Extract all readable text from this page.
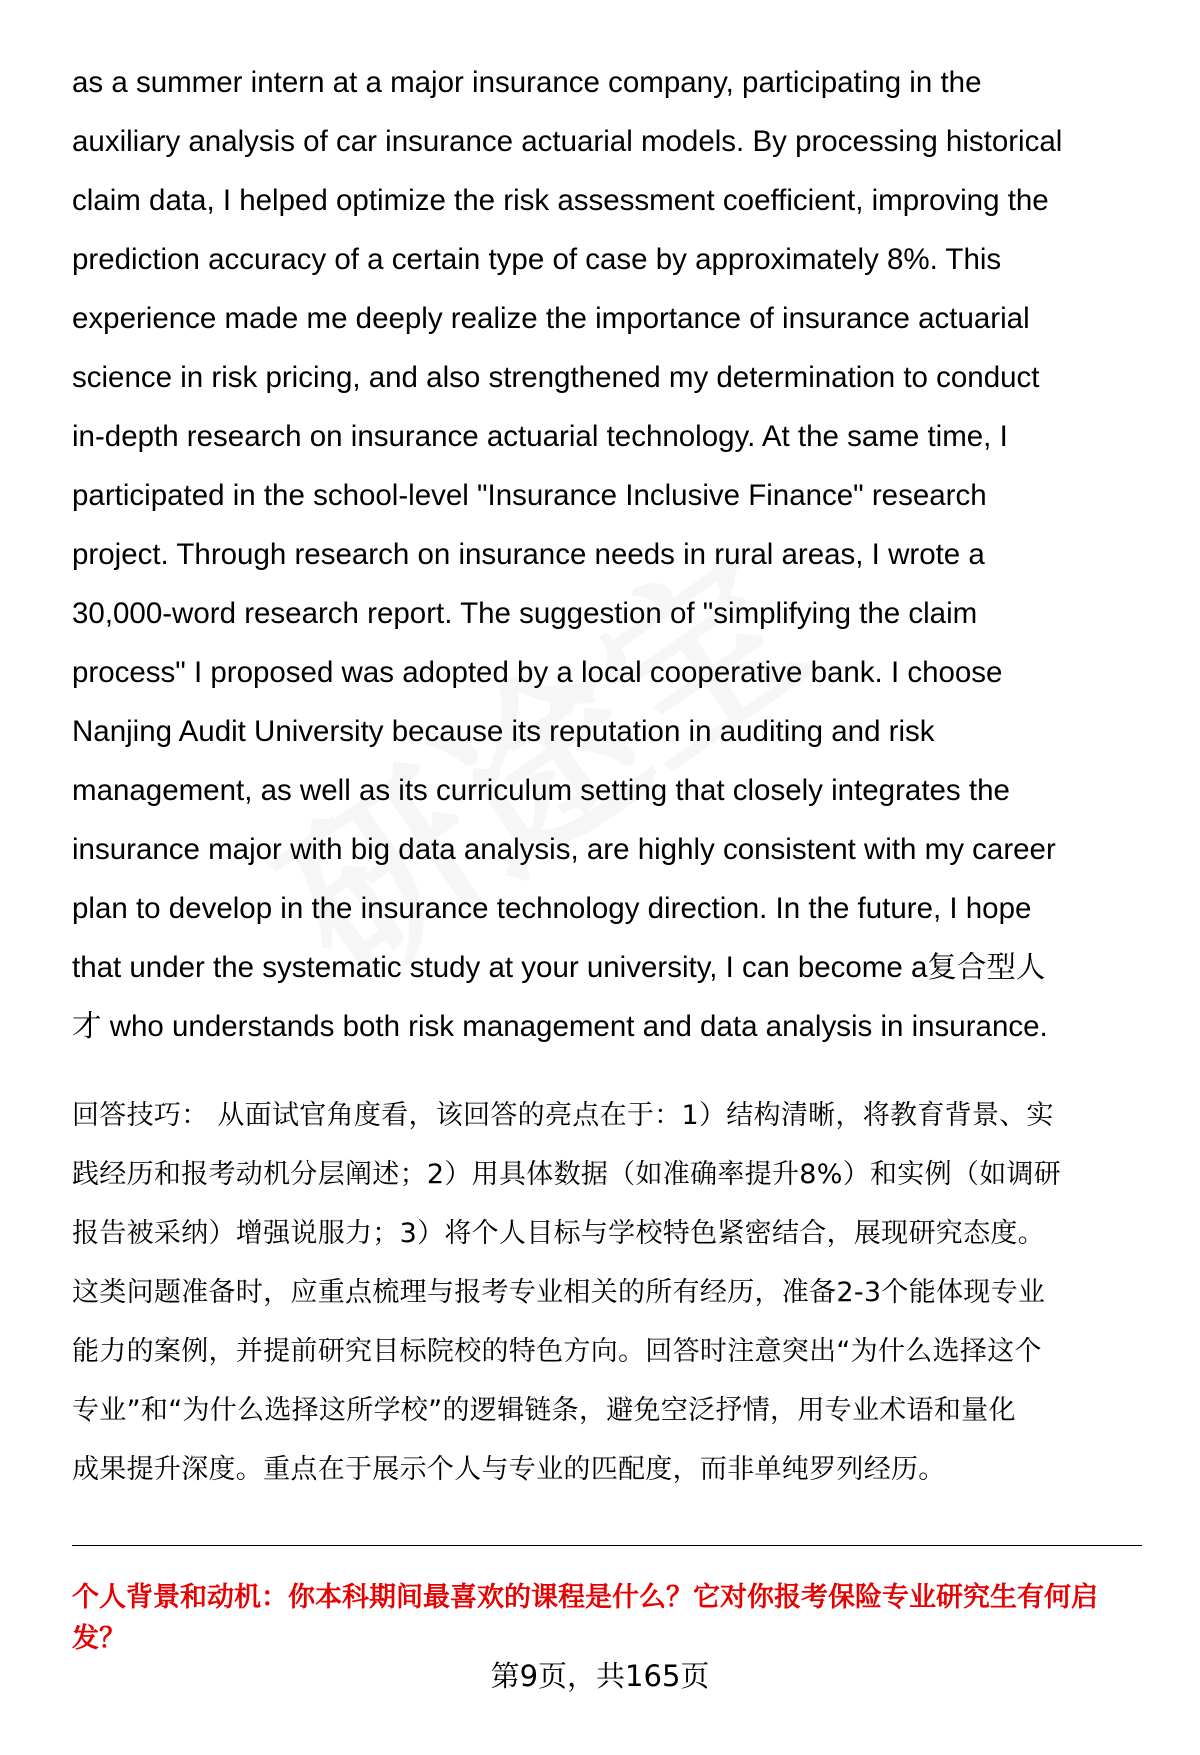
as a summer intern at a major insurance company, participating in the
auxiliary analysis of car insurance actuarial models. By processing historical
claim data, I helped optimize the risk assessment coefficient, improving the
prediction accuracy of a certain type of case by approximately 8%. This
experience made me deeply realize the importance of insurance actuarial
science in risk pricing, and also strengthened my determination to conduct
in-depth research on insurance actuarial technology. At the same time, I
participated in the school-level "Insurance Inclusive Finance" research
project. Through research on insurance needs in rural areas, I wrote a
30,000-word research report. The suggestion of "simplifying the claim
process" I proposed was adopted by a local cooperative bank. I choose
Nanjing Audit University because its reputation in auditing and risk
management, as well as its curriculum setting that closely integrates the
insurance major with big data analysis, are highly consistent with my career
plan to develop in the insurance technology direction. In the future, I hope
that under the systematic study at your university, I can become a复合型人
才 who understands both risk management and data analysis in insurance.
回答技巧： 从面试官角度看，该回答的亮点在于：1）结构清晰，将教育背景、实
践经历和报考动机分层阐述；2）用具体数据（如准确率提升8%）和实例（如调研
报告被采纳）增强说服力；3）将个人目标与学校特色紧密结合，展现研究态度。
这类问题准备时，应重点梳理与报考专业相关的所有经历，准备2-3个能体现专业
能力的案例，并提前研究目标院校的特色方向。回答时注意突出“为什么选择这个
专业”和“为什么选择这所学校”的逻辑链条，避免空泛抒情，用专业术语和量化
成果提升深度。重点在于展示个人与专业的匹配度，而非单纯罗列经历。
个人背景和动机：你本科期间最喜欢的课程是什么？它对你报考保险专业研究生有何启发？
第9页，共165页
